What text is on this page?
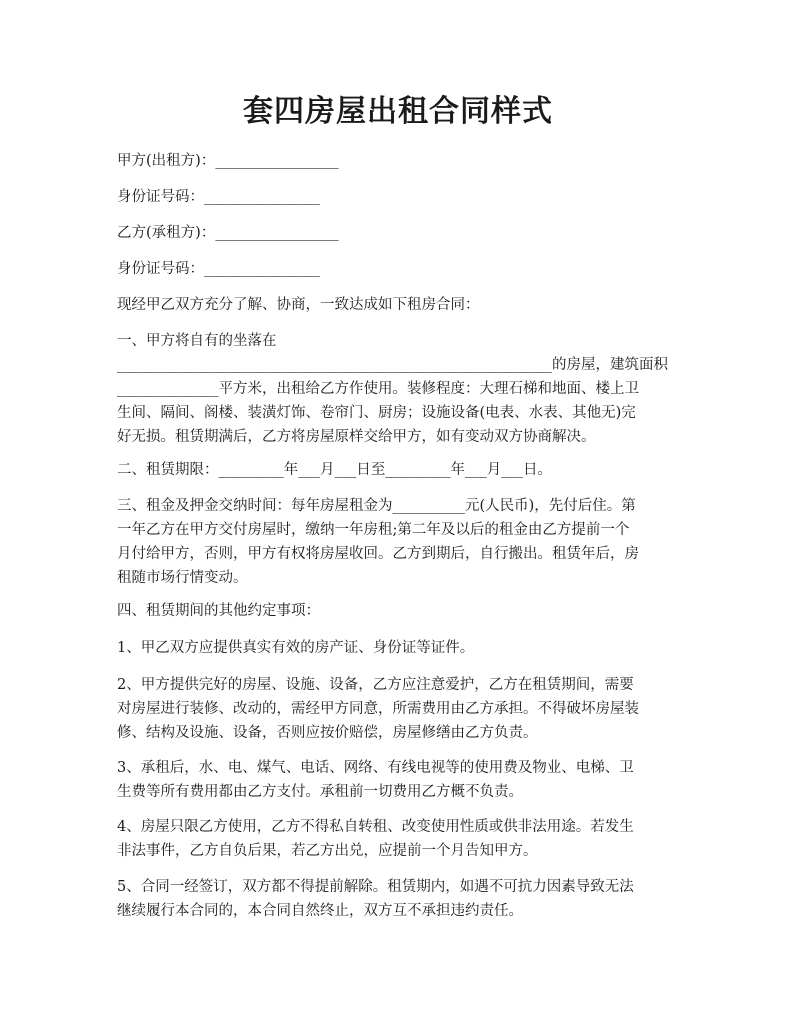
套四房屋出租合同样式
甲方(出租方)：_________________
身份证号码：________________
乙方(承租方)：_________________
身份证号码：________________
现经甲乙双方充分了解、协商，一致达成如下租房合同：
一、甲方将自有的坐落在
____________________________________________________________的房屋，建筑面积
______________平方米，出租给乙方作使用。装修程度：大理石梯和地面、楼上卫
生间、隔间、阁楼、装潢灯饰、卷帘门、厨房；设施设备(电表、水表、其他无)完
好无损。租赁期满后，乙方将房屋原样交给甲方，如有变动双方协商解决。
二、租赁期限：_________年___月___日至_________年___月___日。
三、租金及押金交纳时间：每年房屋租金为__________元(人民币)，先付后住。第
一年乙方在甲方交付房屋时，缴纳一年房租;第二年及以后的租金由乙方提前一个
月付给甲方，否则，甲方有权将房屋收回。乙方到期后，自行搬出。租赁年后，房
租随市场行情变动。
四、租赁期间的其他约定事项：
1、甲乙双方应提供真实有效的房产证、身份证等证件。
2、甲方提供完好的房屋、设施、设备，乙方应注意爱护，乙方在租赁期间，需要
对房屋进行装修、改动的，需经甲方同意，所需费用由乙方承担。不得破坏房屋装
修、结构及设施、设备，否则应按价赔偿，房屋修缮由乙方负责。
3、承租后，水、电、煤气、电话、网络、有线电视等的使用费及物业、电梯、卫
生费等所有费用都由乙方支付。承租前一切费用乙方概不负责。
4、房屋只限乙方使用，乙方不得私自转租、改变使用性质或供非法用途。若发生
非法事件，乙方自负后果，若乙方出兑，应提前一个月告知甲方。
5、合同一经签订，双方都不得提前解除。租赁期内，如遇不可抗力因素导致无法
继续履行本合同的，本合同自然终止，双方互不承担违约责任。
